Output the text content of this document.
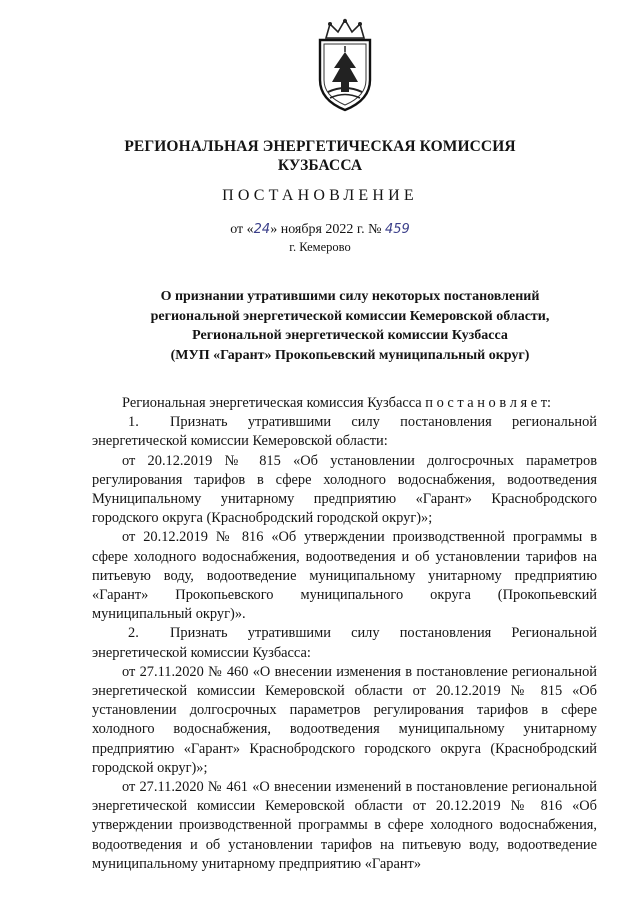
РЕГИОНАЛЬНАЯ ЭНЕРГЕТИЧЕСКАЯ КОМИССИЯ
КУЗБАССА
ПОСТАНОВЛЕНИЕ
от «24» ноября 2022 г. № 459
г. Кемерово
О признании утратившими силу некоторых постановлений
региональной энергетической комиссии Кемеровской области,
Региональной энергетической комиссии Кузбасса
(МУП «Гарант» Прокопьевский муниципальный округ)

Региональная энергетическая комиссия Кузбасса п о с т а н о в л я е т:

1. Признать утратившими силу постановления региональной энергетической комиссии Кемеровской области:

от 20.12.2019 № 815 «Об установлении долгосрочных параметров регулирования тарифов в сфере холодного водоснабжения, водоотведения Муниципальному унитарному предприятию «Гарант» Краснобродского городского округа (Краснобродский городской округ)»;

от 20.12.2019 № 816 «Об утверждении производственной программы в сфере холодного водоснабжения, водоотведения и об установлении тарифов на питьевую воду, водоотведение муниципальному унитарному предприятию «Гарант» Прокопьевского муниципального округа (Прокопьевский муниципальный округ)».

2. Признать утратившими силу постановления Региональной энергетической комиссии Кузбасса:

от 27.11.2020 № 460 «О внесении изменения в постановление региональной энергетической комиссии Кемеровской области от 20.12.2019 № 815 «Об установлении долгосрочных параметров регулирования тарифов в сфере холодного водоснабжения, водоотведения муниципальному унитарному предприятию «Гарант» Краснобродского городского округа (Краснобродский городской округ)»;

от 27.11.2020 № 461 «О внесении изменений в постановление региональной энергетической комиссии Кемеровской области от 20.12.2019 № 816 «Об утверждении производственной программы в сфере холодного водоснабжения, водоотведения и об установлении тарифов на питьевую воду, водоотведение муниципальному унитарному предприятию «Гарант»
